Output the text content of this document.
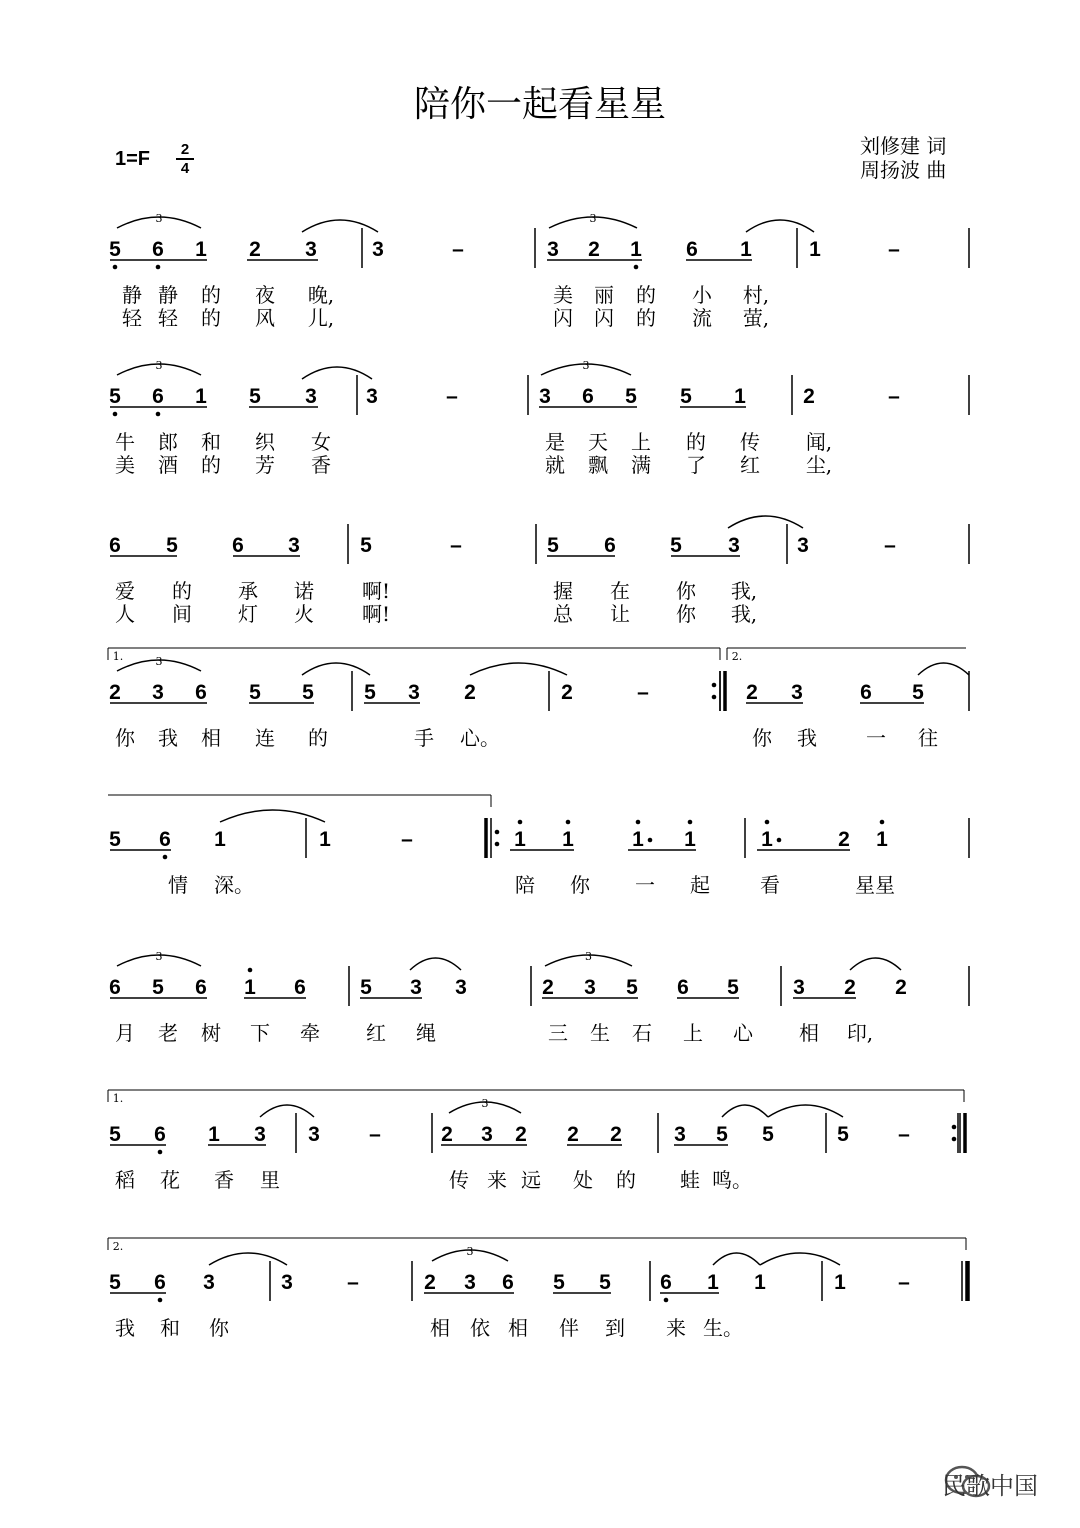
陪你一起看星星
1=F	2
4
刘修建 词
周扬波 曲
5 6 1 2 3	3	–	3 2 1 6 1	1	–
3	3
静 静 的 夜 晚,	美 丽 的 小 村,
轻 轻 的 风 儿,	闪 闪 的 流 萤,
5 6 1 5 3 3	–	3 6 5 5 1	2	–
3	3
牛 郎 和 织 女	是 天 上 的 传 闻,
美 酒 的 芳 香	就 飘 满 了 红 尘,
6 5	6 3	5	–	5 6	5 3	3	–
爱 的 承 诺 啊!	握 在 你 我,
人 间 灯 火 啊!	总 让 你 我,
2 3 6 5 5 5 3 2	2	–	2 3	6 5
3
你 我 相 连 的	手 心。	你 我 一 往
5 6 1	1	–	1 1	1 1	1	2 1
情 深。	陪 你 一 起	看	星星
6 5 6 1 6	5 3 3	2 3 5 6 5	3 2 2
3	3
月 老 树 下 牵 红 绳	三 生 石 上 心 相 印,
5 6 1 3 3 –	2 3 2 2 2 3 5 5	5 –
3
稻 花 香 里	传 来 远 处 的 蛙 鸣。
5 6 3	3	–	2 3 6 5 5 6 1 1	1 –
3
我 和 你	相 依 相 伴 到 来 生。
1.	2.
1.
2.
民歌中国
